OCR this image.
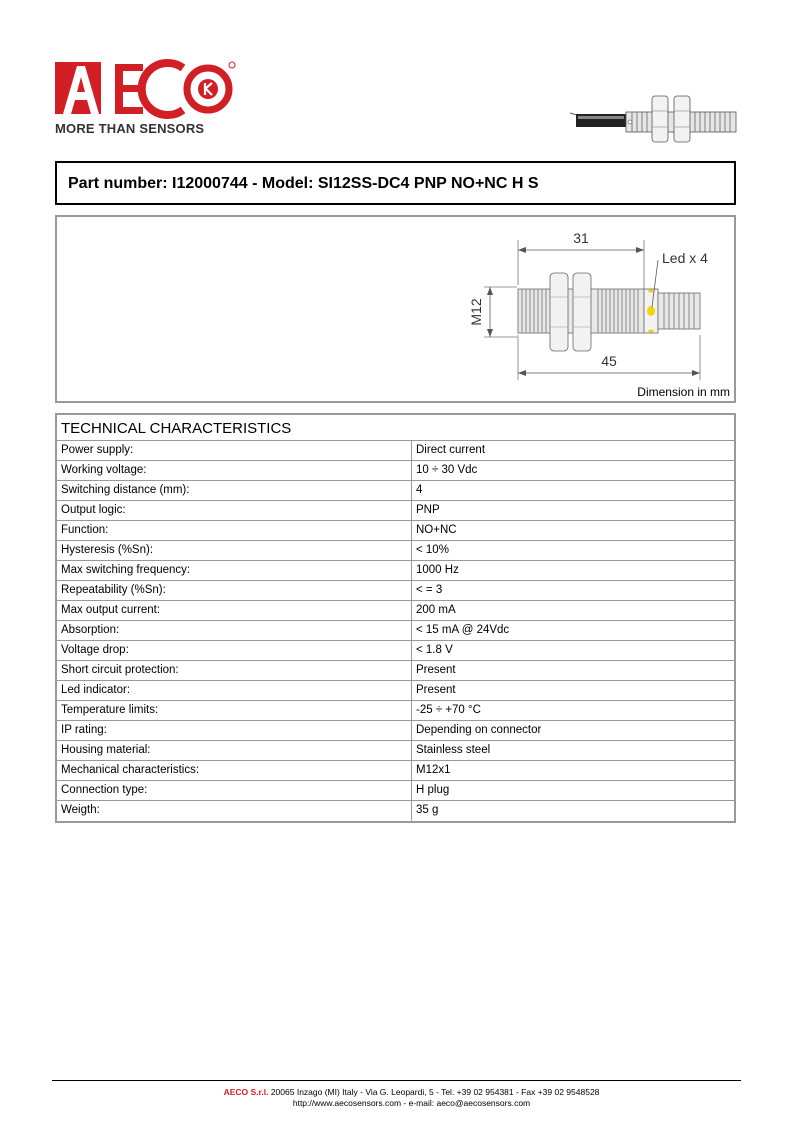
MORE THAN SENSORS
Part number: I12000744 - Model: SI12SS-DC4 PNP NO+NC H S
31
45
M12
Led x 4
Dimension in mm
TECHNICAL CHARACTERISTICS
Power supply:	Direct current
Working voltage:	10 ÷ 30 Vdc
Switching distance (mm):	4
Output logic:	PNP
Function:	NO+NC
Hysteresis (%Sn):	< 10%
Max switching frequency:	1000 Hz
Repeatability (%Sn):	< = 3
Max output current:	200 mA
Absorption:	< 15 mA @ 24Vdc
Voltage drop:	< 1.8 V
Short circuit protection:	Present
Led indicator:	Present
Temperature limits:	-25 ÷ +70 °C
IP rating:	Depending on connector
Housing material:	Stainless steel
Mechanical characteristics:	M12x1
Connection type:	H plug
Weigth:	35 g
AECO S.r.l. 20065 Inzago (MI) Italy - Via G. Leopardi, 5 - Tel. +39 02 954381 - Fax +39 02 9548528
http://www.aecosensors.com - e-mail: aeco@aecosensors.com
